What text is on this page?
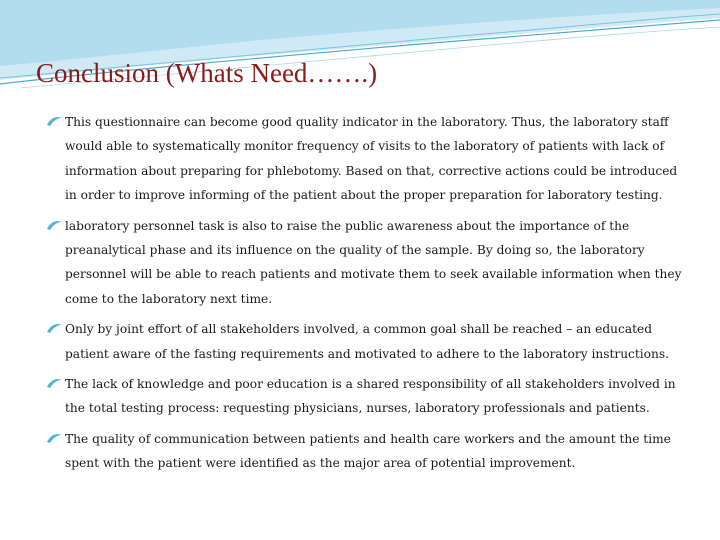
Conclusion (Whats Need…….)
This questionnaire can become good quality indicator in the laboratory. Thus, the laboratory staff would able to systematically monitor frequency of visits to the laboratory of patients with lack of information about preparing for phlebotomy. Based on that, corrective actions could be introduced in order to improve informing of the patient about the proper preparation for laboratory testing.
laboratory personnel task is also to raise the public awareness about the importance of the preanalytical phase and its influence on the quality of the sample. By doing so, the laboratory personnel will be able to reach patients and motivate them to seek available information when they come to the laboratory next time.
Only by joint effort of all stakeholders involved, a common goal shall be reached – an educated patient aware of the fasting requirements and motivated to adhere to the laboratory instructions.
The lack of knowledge and poor education is a shared responsibility of all stakeholders involved in the total testing process: requesting physicians, nurses, laboratory professionals and patients.
The quality of communication between patients and health care workers and the amount the time spent with the patient were identified as the major area of potential improvement.
